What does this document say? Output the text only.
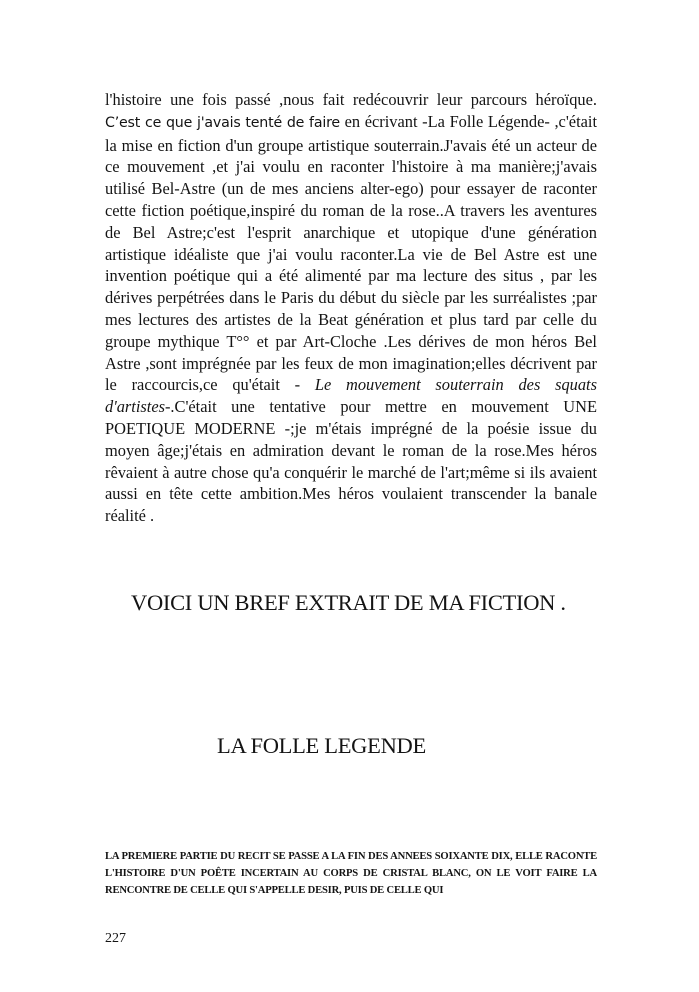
l'histoire une fois passé ,nous fait redécouvrir leur parcours héroïque. C’est ce que j'avais tenté de faire en écrivant -La Folle Légende- ,c'était la mise en fiction d'un groupe artistique souterrain.J'avais été un acteur de ce mouvement ,et j'ai voulu en raconter l'histoire à ma manière;j'avais utilisé Bel-Astre (un de mes anciens alter-ego) pour essayer de raconter cette fiction poétique,inspiré du roman de la rose..A travers les aventures de Bel Astre;c'est l'esprit anarchique et utopique d'une génération artistique idéaliste que j'ai voulu raconter.La vie de Bel Astre est une invention poétique qui a été alimenté par ma lecture des situs , par les dérives perpétrées dans le Paris du début du siècle par les surréalistes ;par mes lectures des artistes de la Beat génération et plus tard par celle du groupe mythique T°° et par Art-Cloche .Les dérives de mon héros Bel Astre ,sont imprégnée par les feux de mon imagination;elles décrivent par le raccourcis,ce qu'était - Le mouvement souterrain des squats d'artistes-.C'était une tentative pour mettre en mouvement UNE POETIQUE MODERNE -;je m'étais imprégné de la poésie issue du moyen âge;j'étais en admiration devant le roman de la rose.Mes héros rêvaient à autre chose qu'a conquérir le marché de l'art;même si ils avaient aussi en tête cette ambition.Mes héros voulaient transcender la banale réalité .

VOICI UN BREF EXTRAIT DE MA FICTION .
LA FOLLE LEGENDE

LA PREMIERE PARTIE DU RECIT SE PASSE A LA FIN DES ANNEES SOIXANTE DIX, ELLE RACONTE L'HISTOIRE D'UN POÊTE INCERTAIN AU CORPS DE CRISTAL BLANC, ON LE VOIT FAIRE LA RENCONTRE DE CELLE QUI S'APPELLE DESIR, PUIS DE CELLE QUI

227
